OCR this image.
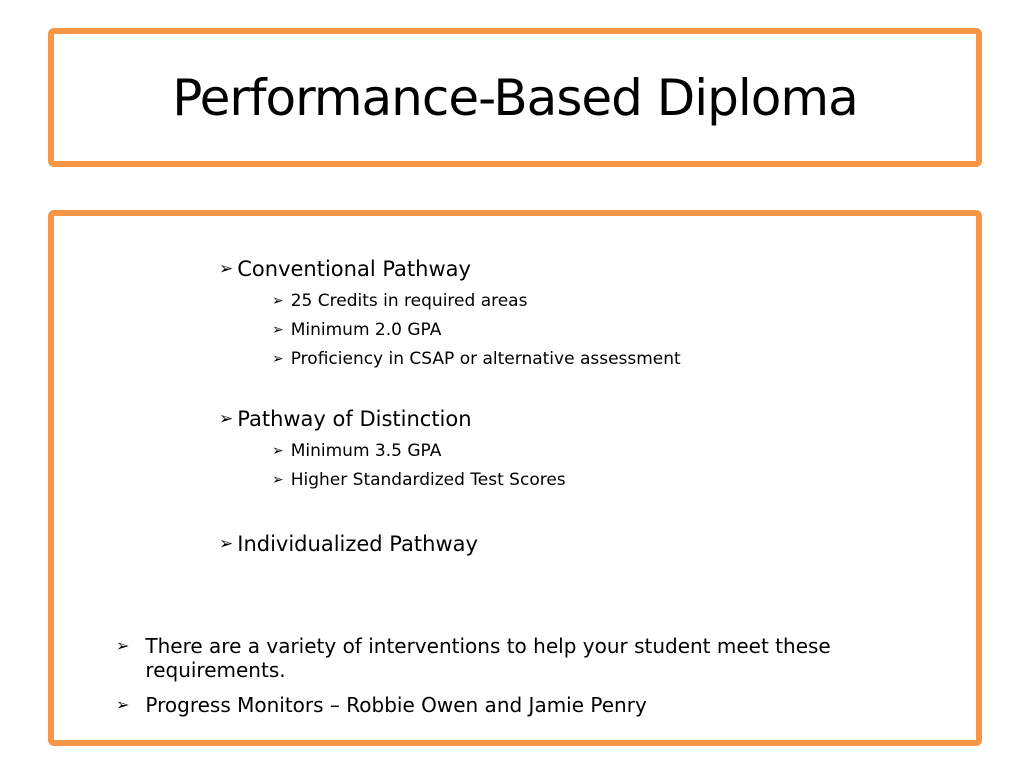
Performance-Based Diploma
➢ Conventional Pathway
➢ 25 Credits in required areas
➢ Minimum 2.0 GPA
➢ Proficiency in CSAP or alternative assessment
➢ Pathway of Distinction
➢ Minimum 3.5 GPA
➢ Higher Standardized Test Scores
➢ Individualized Pathway
➢ There are a variety of interventions to help your student meet these requirements.
➢ Progress Monitors – Robbie Owen and Jamie Penry
